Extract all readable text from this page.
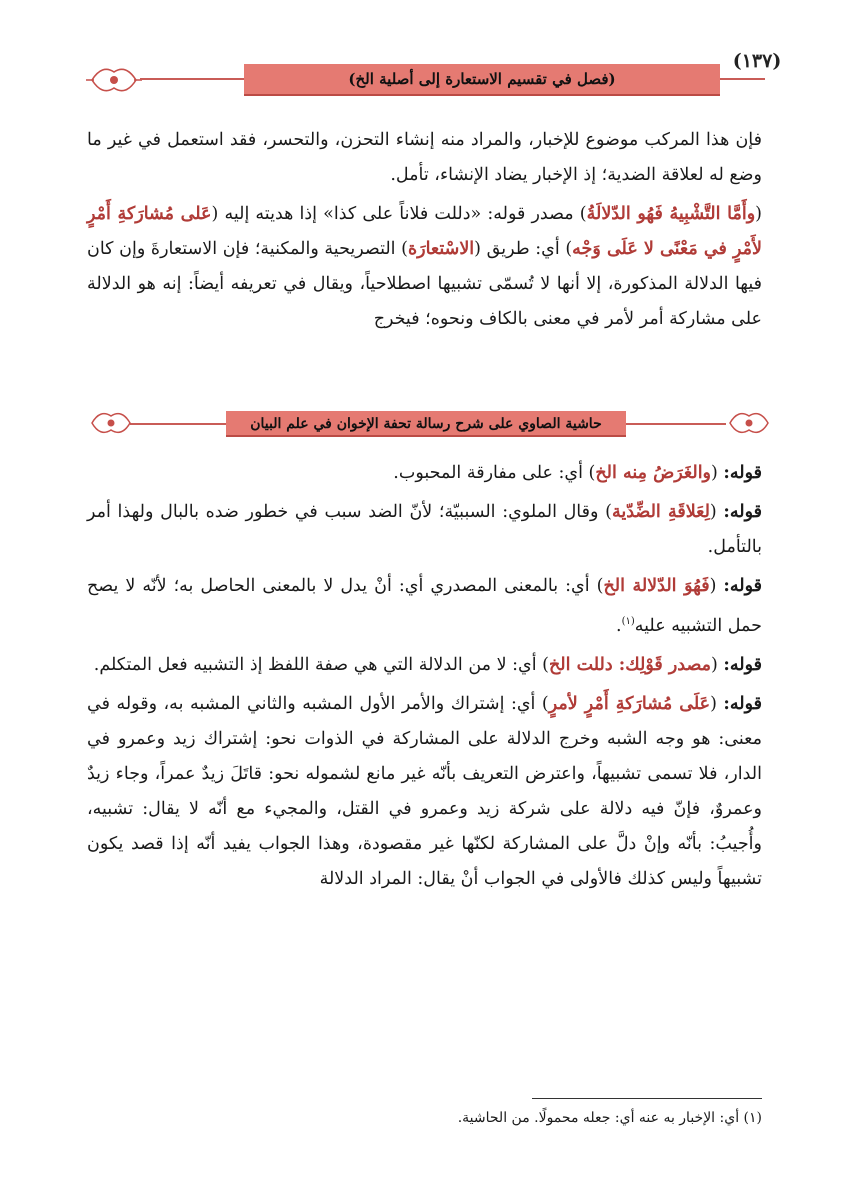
(١٣٧)
(فصل في تقسيم الاستعارة إلى أصلية الخ)

فإن هذا المركب موضوع للإخبار، والمراد منه إنشاء التحزن، والتحسر، فقد استعمل في غير ما وضع له لعلاقة الضدية؛ إذ الإخبار يضاد الإنشاء، تأمل.

(وأَمَّا التَّشْبِيهُ فَهُو الدّلالَةُ) مصدر قوله: «دللت فلاناً على كذا» إذا هديته إليه (عَلى مُشارَكةِ أَمْرٍ لأَمْرٍ في مَعْنًى لا عَلَى وَجْه) أي: طريق (الاسْتعارَة) التصريحية والمكنية؛ فإن الاستعارةَ وإن كان فيها الدلالة المذكورة، إلا أنها لا تُسمّى تشبيها اصطلاحياً، ويقال في تعريفه أيضاً: إنه هو الدلالة على مشاركة أمر لأمر في معنى بالكاف ونحوه؛ فيخرج

حاشية الصاوي على شرح رسالة تحفة الإخوان في علم البيان

قوله: (والغَرَضُ مِنه الخ) أي: على مفارقة المحبوب.

قوله: (لِعَلاقَةِ الضِّدّية) وقال الملوي: السببيّة؛ لأنّ الضد سبب في خطور ضده بالبال ولهذا أمر بالتأمل.

قوله: (فَهُوَ الدّلالة الخ) أي: بالمعنى المصدري أي: أنْ يدل لا بالمعنى الحاصل به؛ لأنّه لا يصح حمل التشبيه عليه$^{(١)}$.

قوله: (مصدر قَوْلِك: دللت الخ) أي: لا من الدلالة التي هي صفة اللفظ إذ التشبيه فعل المتكلم.

قوله: (عَلَى مُشارَكةِ أَمْرٍ لأمرٍ) أي: إشتراك والأمر الأول المشبه والثاني المشبه به، وقوله في معنى: هو وجه الشبه وخرج الدلالة على المشاركة في الذوات نحو: إشتراك زيد وعمرو في الدار، فلا تسمى تشبيهاً، واعترض التعريف بأنّه غير مانع لشموله نحو: قاتَلَ زيدٌ عمراً، وجاء زيدٌ وعمروٌ، فإنّ فيه دلالة على شركة زيد وعمرو في القتل، والمجيء مع أنّه لا يقال: تشبيه، وأُجيبُ: بأنّه وإنْ دلَّ على المشاركة لكنّها غير مقصودة، وهذا الجواب يفيد أنّه إذا قصد يكون تشبيهاً وليس كذلك فالأولى في الجواب أنْ يقال: المراد الدلالة

(١) أي: الإخبار به عنه أي: جعله محمولًا. من الحاشية.
